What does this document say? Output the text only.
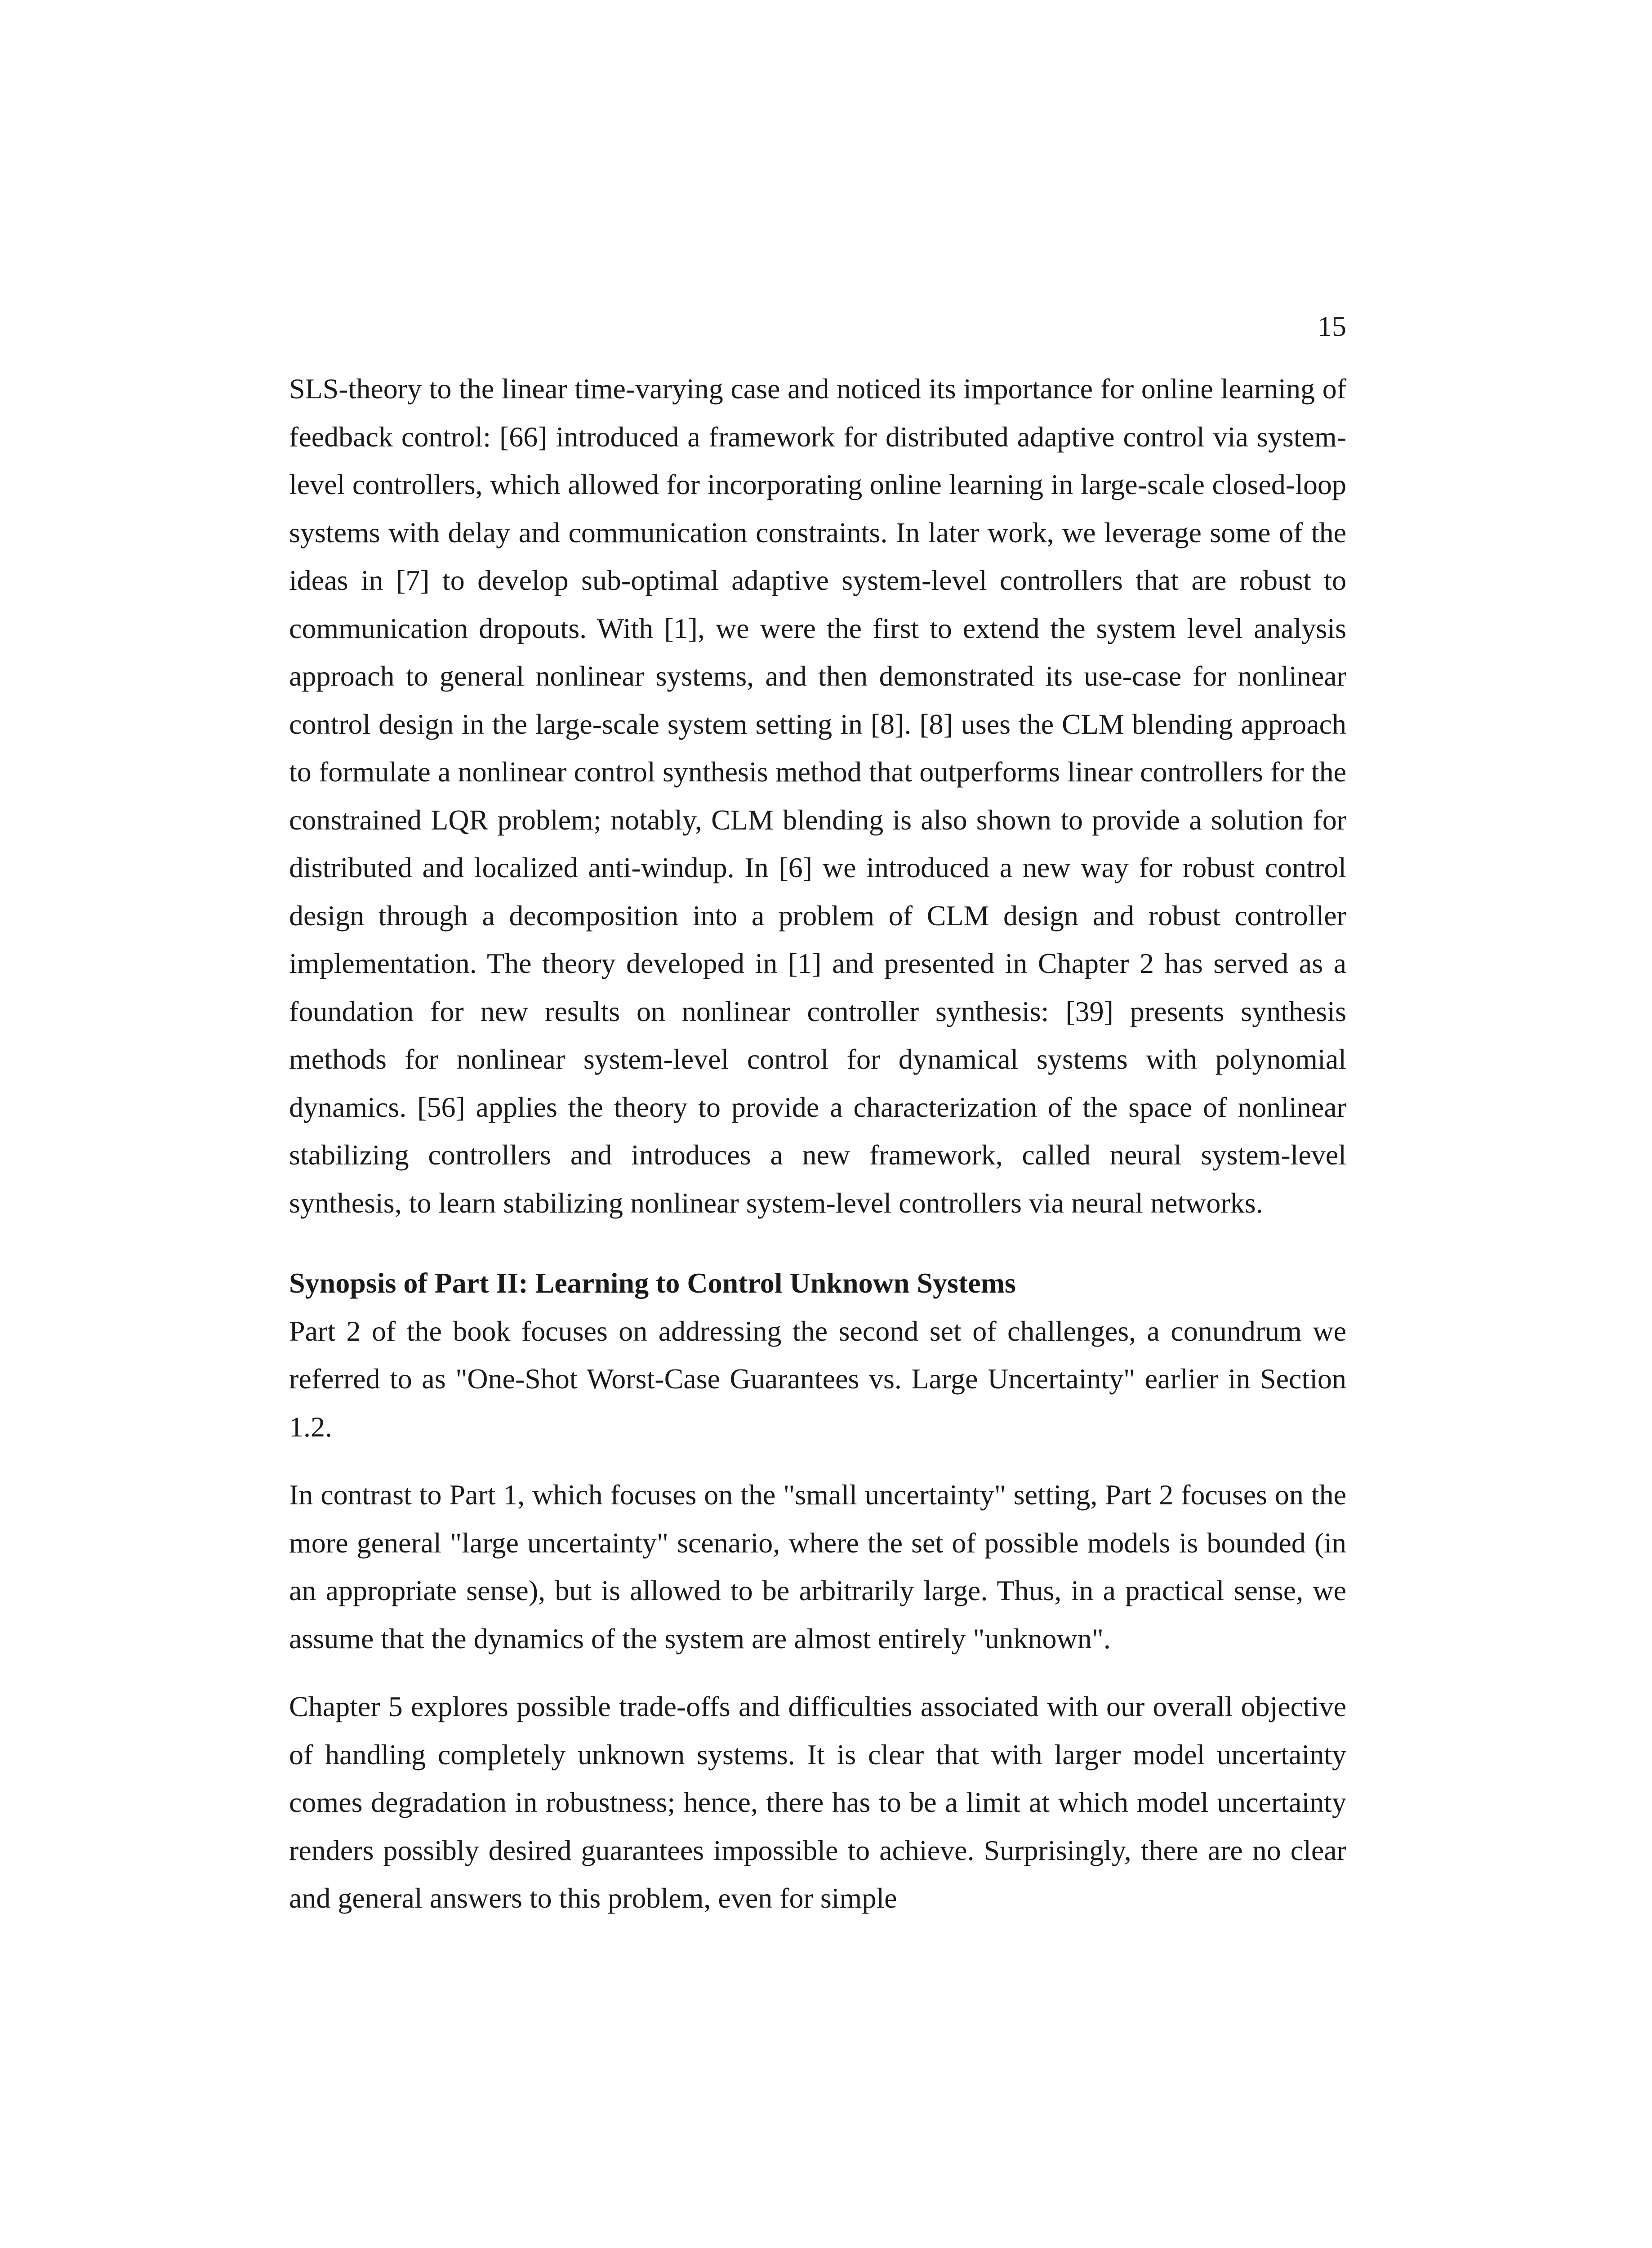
15

SLS-theory to the linear time-varying case and noticed its importance for online learning of feedback control: [66] introduced a framework for distributed adaptive control via system-level controllers, which allowed for incorporating online learning in large-scale closed-loop systems with delay and communication constraints. In later work, we leverage some of the ideas in [7] to develop sub-optimal adaptive system-level controllers that are robust to communication dropouts. With [1], we were the first to extend the system level analysis approach to general nonlinear systems, and then demonstrated its use-case for nonlinear control design in the large-scale system setting in [8]. [8] uses the CLM blending approach to formulate a nonlinear control synthesis method that outperforms linear controllers for the constrained LQR problem; notably, CLM blending is also shown to provide a solution for distributed and localized anti-windup. In [6] we introduced a new way for robust control design through a decomposition into a problem of CLM design and robust controller implementation. The theory developed in [1] and presented in Chapter 2 has served as a foundation for new results on nonlinear controller synthesis: [39] presents synthesis methods for nonlinear system-level control for dynamical systems with polynomial dynamics. [56] applies the theory to provide a characterization of the space of nonlinear stabilizing controllers and introduces a new framework, called neural system-level synthesis, to learn stabilizing nonlinear system-level controllers via neural networks.

Synopsis of Part II: Learning to Control Unknown Systems

Part 2 of the book focuses on addressing the second set of challenges, a conundrum we referred to as "One-Shot Worst-Case Guarantees vs. Large Uncertainty" earlier in Section 1.2.

In contrast to Part 1, which focuses on the "small uncertainty" setting, Part 2 focuses on the more general "large uncertainty" scenario, where the set of possible models is bounded (in an appropriate sense), but is allowed to be arbitrarily large. Thus, in a practical sense, we assume that the dynamics of the system are almost entirely "unknown".

Chapter 5 explores possible trade-offs and difficulties associated with our overall objective of handling completely unknown systems. It is clear that with larger model uncertainty comes degradation in robustness; hence, there has to be a limit at which model uncertainty renders possibly desired guarantees impossible to achieve. Surprisingly, there are no clear and general answers to this problem, even for simple
